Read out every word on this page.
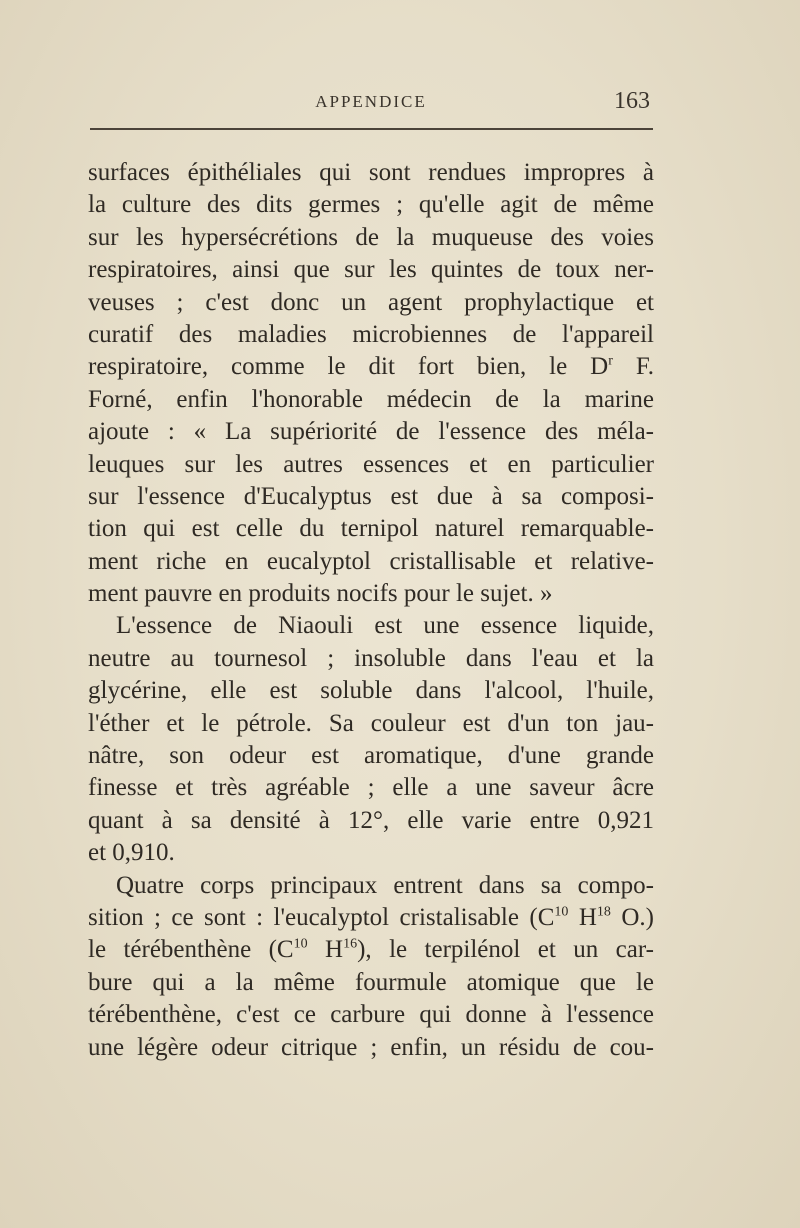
APPENDICE	163
surfaces épithéliales qui sont rendues impropres à
la culture des dits germes ; qu'elle agit de même
sur les hypersécrétions de la muqueuse des voies
respiratoires, ainsi que sur les quintes de toux ner-
veuses ; c'est donc un agent prophylactique et
curatif des maladies microbiennes de l'appareil
respiratoire, comme le dit fort bien, le $D^r$ F.
Forné, enfin l'honorable médecin de la marine
ajoute : « La supériorité de l'essence des méla-
leuques sur les autres essences et en particulier
sur l'essence d'Eucalyptus est due à sa composi-
tion qui est celle du ternipol naturel remarquable-
ment riche en eucalyptol cristallisable et relative-
ment pauvre en produits nocifs pour le sujet. »
L'essence de Niaouli est une essence liquide,
neutre au tournesol ; insoluble dans l'eau et la
glycérine, elle est soluble dans l'alcool, l'huile,
l'éther et le pétrole. Sa couleur est d'un ton jau-
nâtre, son odeur est aromatique, d'une grande
finesse et très agréable ; elle a une saveur âcre
quant à sa densité à 12°, elle varie entre 0,921
et 0,910.
Quatre corps principaux entrent dans sa compo-
sition ; ce sont : l'eucalyptol cristalisable ($C^{10}$ $H^{18}$ O.)
le térébenthène ($C^{10}$ $H^{16}$), le terpilénol et un car-
bure qui a la même fourmule atomique que le
térébenthène, c'est ce carbure qui donne à l'essence
une légère odeur citrique ; enfin, un résidu de cou-
